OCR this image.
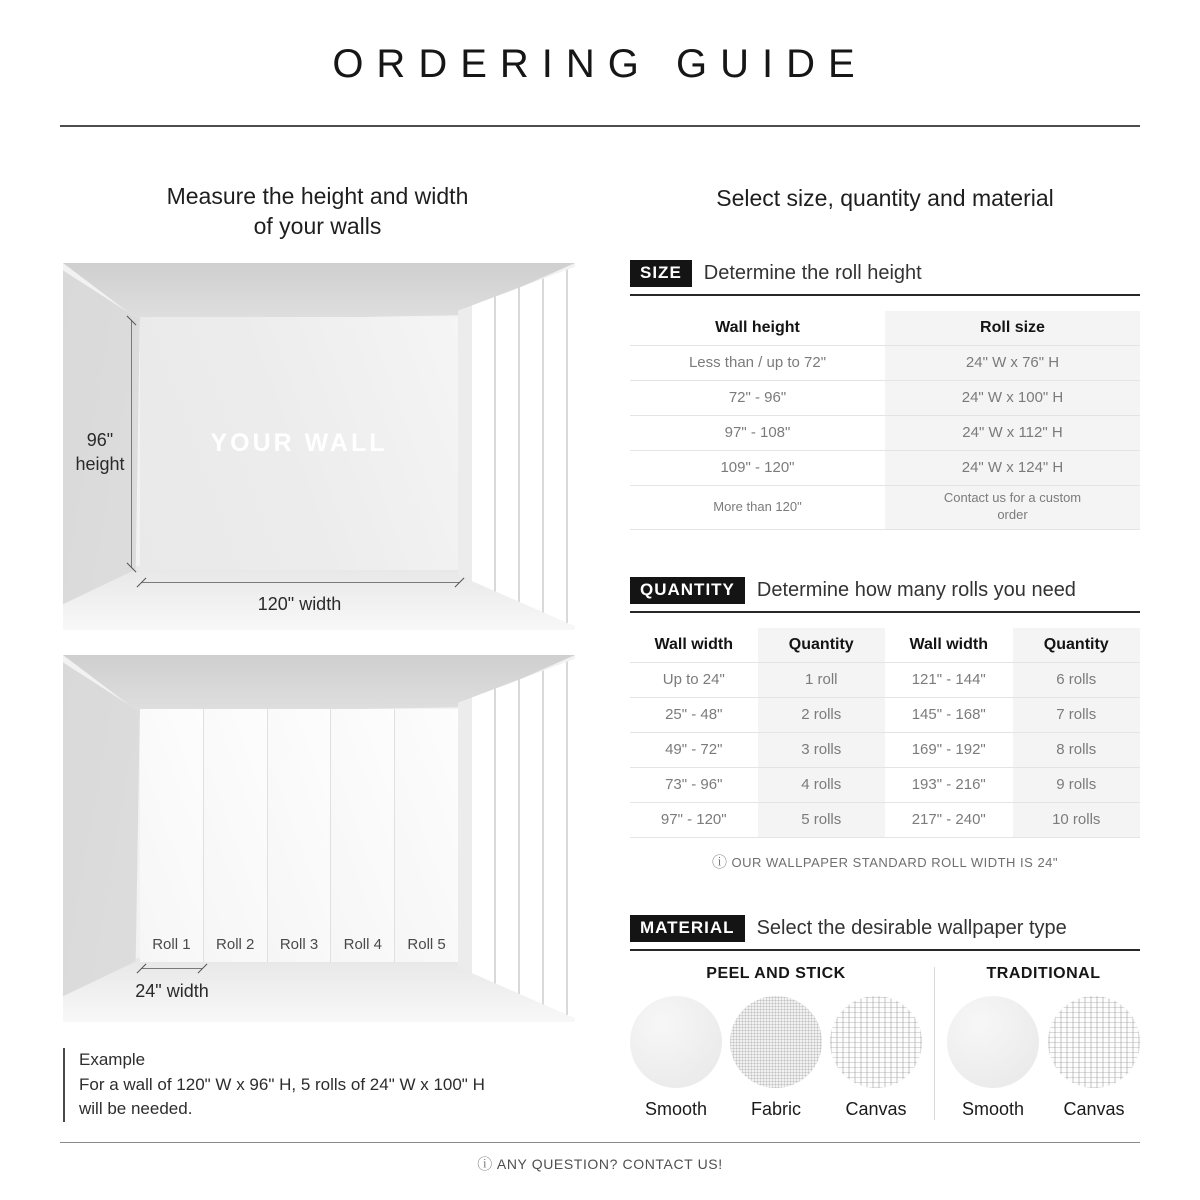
ORDERING GUIDE
Measure the height and width
of your walls
YOUR WALL
96"
height
120" width
Roll 1	Roll 2	Roll 3	Roll 4	Roll 5
24" width
Example
For a wall of 120" W x 96" H, 5 rolls of 24" W x 100" H
will be needed.
Select size, quantity and material
SIZE	Determine the roll height
Wall height	Roll size
Less than / up to 72"	24" W x 76" H
72" - 96"	24" W x 100" H
97" - 108"	24" W x 112" H
109" - 120"	24" W x 124" H
More than 120"	Contact us for a custom order
QUANTITY	Determine how many rolls you need
Wall width	Quantity	Wall width	Quantity
Up to 24"	1 roll	121" - 144"	6 rolls
25" - 48"	2 rolls	145" - 168"	7 rolls
49" - 72"	3 rolls	169" - 192"	8 rolls
73" - 96"	4 rolls	193" - 216"	9 rolls
97" - 120"	5 rolls	217" - 240"	10 rolls
ⓘ OUR WALLPAPER STANDARD ROLL WIDTH IS 24"
MATERIAL	Select the desirable wallpaper type
PEEL AND STICK
Smooth	Fabric	Canvas
TRADITIONAL
Smooth	Canvas
ⓘ ANY QUESTION? CONTACT US!
